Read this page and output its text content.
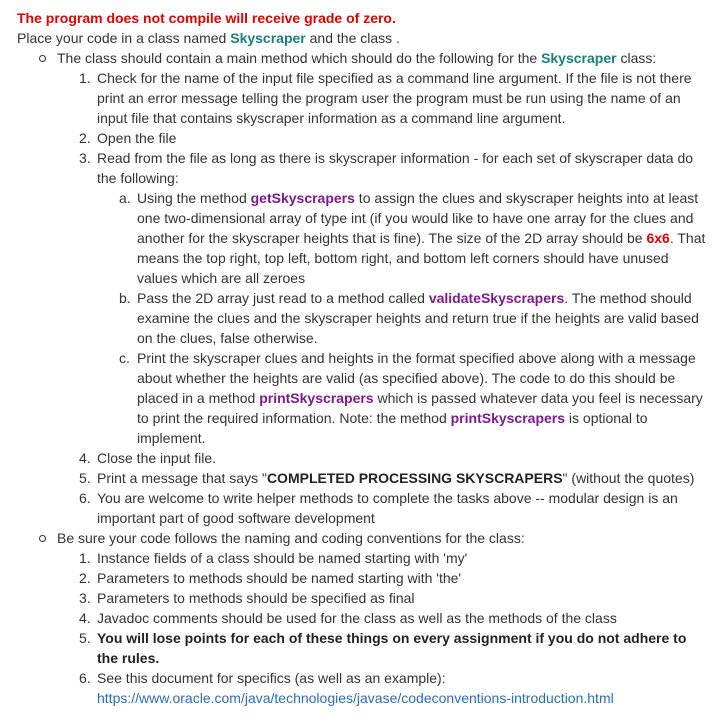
The program does not compile will receive grade of zero.

Place your code in a class named Skyscraper and the class .

The class should contain a main method which should do the following for the Skyscraper class:
1. Check for the name of the input file specified as a command line argument. If the file is not there print an error message telling the program user the program must be run using the name of an input file that contains skyscraper information as a command line argument.
2. Open the file
3. Read from the file as long as there is skyscraper information - for each set of skyscraper data do the following:
a. Using the method getSkyscrapers to assign the clues and skyscraper heights into at least one two-dimensional array of type int (if you would like to have one array for the clues and another for the skyscraper heights that is fine). The size of the 2D array should be 6x6. That means the top right, top left, bottom right, and bottom left corners should have unused values which are all zeroes
b. Pass the 2D array just read to a method called validateSkyscrapers. The method should examine the clues and the skyscraper heights and return true if the heights are valid based on the clues, false otherwise.
c. Print the skyscraper clues and heights in the format specified above along with a message about whether the heights are valid (as specified above). The code to do this should be placed in a method printSkyscrapers which is passed whatever data you feel is necessary to print the required information. Note: the method printSkyscrapers is optional to implement.
4. Close the input file.
5. Print a message that says "COMPLETED PROCESSING SKYSCRAPERS" (without the quotes)
6. You are welcome to write helper methods to complete the tasks above -- modular design is an important part of good software development
Be sure your code follows the naming and coding conventions for the class:
1. Instance fields of a class should be named starting with 'my'
2. Parameters to methods should be named starting with 'the'
3. Parameters to methods should be specified as final
4. Javadoc comments should be used for the class as well as the methods of the class
5. You will lose points for each of these things on every assignment if you do not adhere to the rules.
6. See this document for specifics (as well as an example):
https://www.oracle.com/java/technologies/javase/codeconventions-introduction.html
